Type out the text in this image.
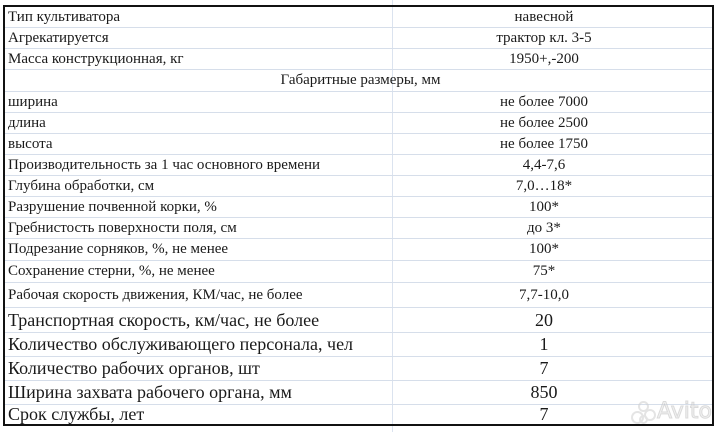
Тип культиватора	навесной
Агрекатируется	трактор кл. 3-5
Масса конструкционная, кг	1950+,-200
Габаритные размеры, мм
ширина	не более 7000
длина	не более 2500
высота	не более 1750
Производительность за 1 час основного времени	4,4-7,6
Глубина обработки, см	7,0…18*
Разрушение почвенной корки, %	100*
Гребнистость поверхности поля, см	до 3*
Подрезание сорняков, %, не менее	100*
Сохранение стерни, %, не менее	75*
Рабочая скорость движения, КМ/час, не более	7,7-10,0
Транспортная скорость, км/час, не более	20
Количество обслуживающего персонала, чел	1
Количество рабочих органов, шт	7
Ширина захвата рабочего органа, мм	850
Срок службы, лет	7	Avito
